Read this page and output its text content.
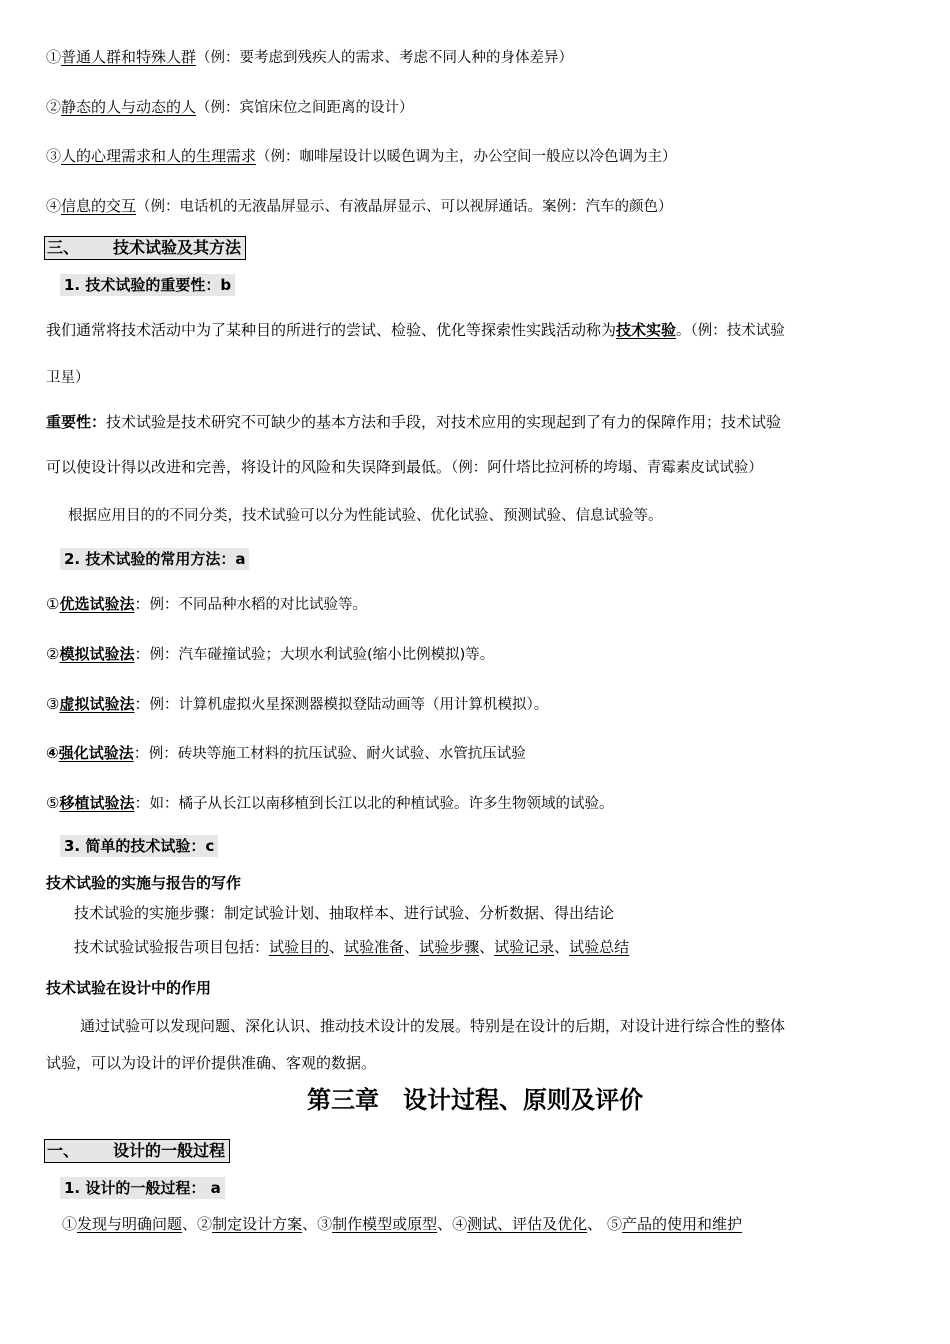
①普通人群和特殊人群（例：要考虑到残疾人的需求、考虑不同人种的身体差异）
②静态的人与动态的人（例：宾馆床位之间距离的设计）
③人的心理需求和人的生理需求（例：咖啡屋设计以暖色调为主，办公空间一般应以冷色调为主）
④信息的交互（例：电话机的无液晶屏显示、有液晶屏显示、可以视屏通话。案例：汽车的颜色）
三、 技术试验及其方法
1. 技术试验的重要性：b
我们通常将技术活动中为了某种目的所进行的尝试、检验、优化等探索性实践活动称为技术实验。（例：技术试验
卫星）
重要性：技术试验是技术研究不可缺少的基本方法和手段，对技术应用的实现起到了有力的保障作用；技术试验
可以使设计得以改进和完善，将设计的风险和失误降到最低。（例：阿什塔比拉河桥的垮塌、青霉素皮试试验）
根据应用目的的不同分类，技术试验可以分为性能试验、优化试验、预测试验、信息试验等。
2. 技术试验的常用方法：a
①优选试验法：例：不同品种水稻的对比试验等。
②模拟试验法：例：汽车碰撞试验；大坝水利试验(缩小比例模拟)等。
③虚拟试验法：例：计算机虚拟火星探测器模拟登陆动画等（用计算机模拟）。
④强化试验法：例：砖块等施工材料的抗压试验、耐火试验、水管抗压试验
⑤移植试验法：如：橘子从长江以南移植到长江以北的种植试验。许多生物领域的试验。
3. 简单的技术试验：c
技术试验的实施与报告的写作
技术试验的实施步骤：制定试验计划、抽取样本、进行试验、分析数据、得出结论
技术试验试验报告项目包括：试验目的、试验准备、试验步骤、试验记录、试验总结
技术试验在设计中的作用
通过试验可以发现问题、深化认识、推动技术设计的发展。特别是在设计的后期，对设计进行综合性的整体
试验，可以为设计的评价提供准确、客观的数据。
第三章　设计过程、原则及评价
一、 设计的一般过程
1. 设计的一般过程： a
①发现与明确问题、②制定设计方案、③制作模型或原型、④测试、评估及优化、 ⑤产品的使用和维护
